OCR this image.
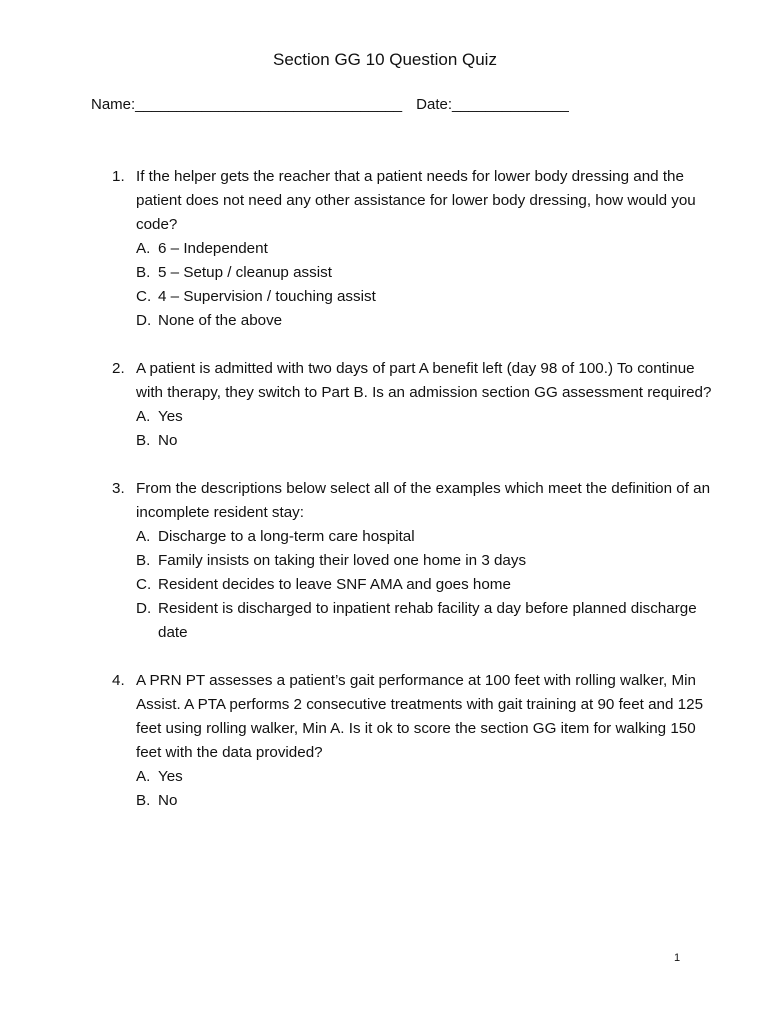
Section GG 10 Question Quiz
Name:________________________________ Date:______________
1. If the helper gets the reacher that a patient needs for lower body dressing and the patient does not need any other assistance for lower body dressing, how would you code?

A. 6 – Independent
B. 5 – Setup / cleanup assist
C. 4 – Supervision / touching assist
D. None of the above
2. A patient is admitted with two days of part A benefit left (day 98 of 100.) To continue with therapy, they switch to Part B. Is an admission section GG assessment required?

A. Yes
B. No
3. From the descriptions below select all of the examples which meet the definition of an incomplete resident stay:

A. Discharge to a long-term care hospital
B. Family insists on taking their loved one home in 3 days
C. Resident decides to leave SNF AMA and goes home
D. Resident is discharged to inpatient rehab facility a day before planned discharge date
4. A PRN PT assesses a patient’s gait performance at 100 feet with rolling walker, Min Assist. A PTA performs 2 consecutive treatments with gait training at 90 feet and 125 feet using rolling walker, Min A. Is it ok to score the section GG item for walking 150 feet with the data provided?

A. Yes
B. No
1
